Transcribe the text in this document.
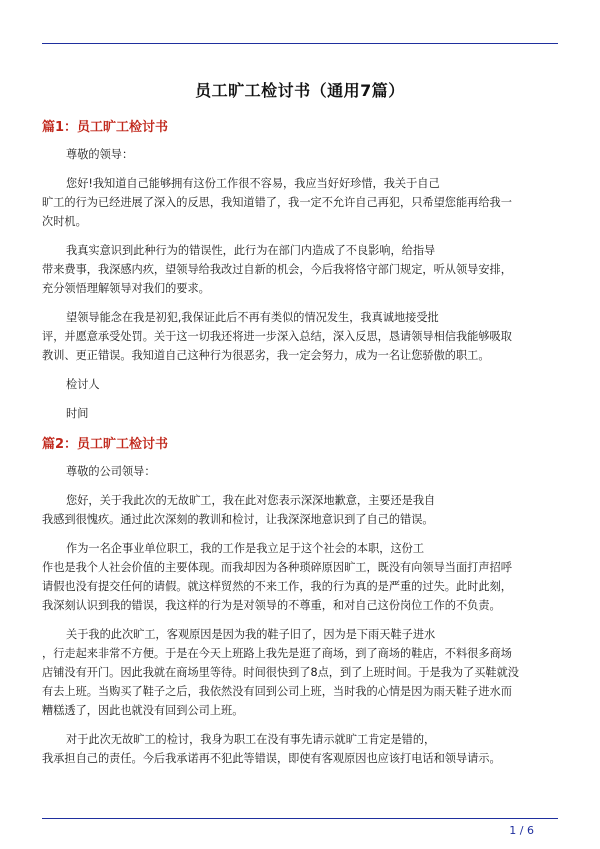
员工旷工检讨书（通用7篇）
篇1：员工旷工检讨书
尊敬的领导：
您好!我知道自己能够拥有这份工作很不容易，我应当好好珍惜，我关于自己
旷工的行为已经进展了深入的反思，我知道错了，我一定不允许自己再犯，只希望您能再给我一
次时机。
我真实意识到此种行为的错误性，此行为在部门内造成了不良影响，给指导
带来费事，我深感内疚，望领导给我改过自新的机会，今后我将恪守部门规定，听从领导安排，
充分领悟理解领导对我们的要求。
望领导能念在我是初犯,我保证此后不再有类似的情况发生，我真诚地接受批
评，并愿意承受处罚。关于这一切我还将进一步深入总结，深入反思，恳请领导相信我能够吸取
教训、更正错误。我知道自己这种行为很恶劣，我一定会努力，成为一名让您骄傲的职工。
检讨人
时间
篇2：员工旷工检讨书
尊敬的公司领导：
您好，关于我此次的无故旷工，我在此对您表示深深地歉意，主要还是我自
我感到很愧疚。通过此次深刻的教训和检讨，让我深深地意识到了自己的错误。
作为一名企事业单位职工，我的工作是我立足于这个社会的本职，这份工
作也是我个人社会价值的主要体现。而我却因为各种琐碎原因旷工，既没有向领导当面打声招呼
请假也没有提交任何的请假。就这样贸然的不来工作，我的行为真的是严重的过失。此时此刻，
我深刻认识到我的错误，我这样的行为是对领导的不尊重，和对自己这份岗位工作的不负责。
关于我的此次旷工，客观原因是因为我的鞋子旧了，因为是下雨天鞋子进水
，行走起来非常不方便。于是在今天上班路上我先是逛了商场，到了商场的鞋店，不料很多商场
店铺没有开门。因此我就在商场里等待。时间很快到了8点，到了上班时间。于是我为了买鞋就没
有去上班。当购买了鞋子之后，我依然没有回到公司上班，当时我的心情是因为雨天鞋子进水而
糟糕透了，因此也就没有回到公司上班。
对于此次无故旷工的检讨，我身为职工在没有事先请示就旷工肯定是错的，
我承担自己的责任。今后我承诺再不犯此等错误，即使有客观原因也应该打电话和领导请示。
1 / 6
